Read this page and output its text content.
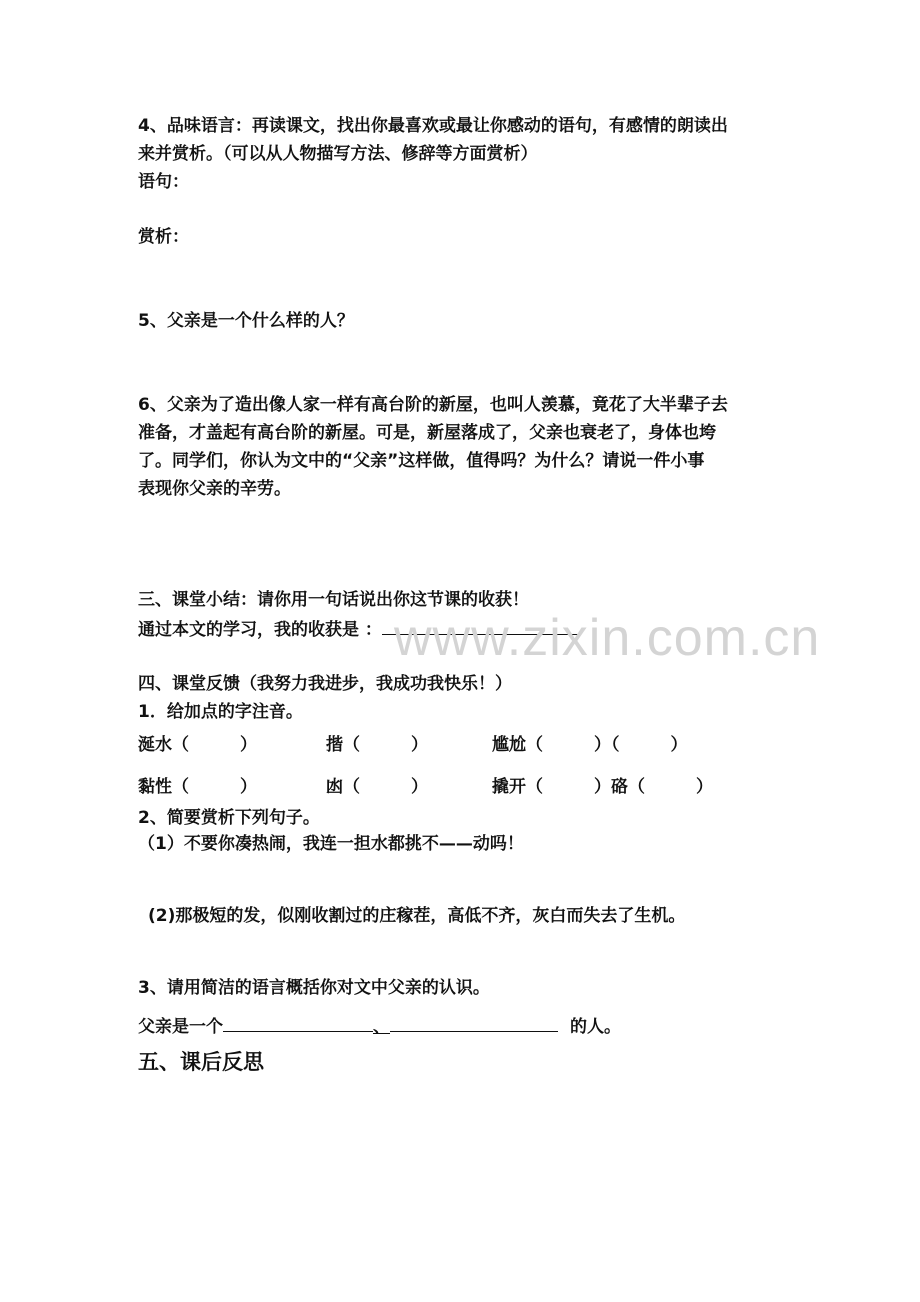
4、品味语言：再读课文，找出你最喜欢或最让你感动的语句，有感情的朗读出
来并赏析。（可以从人物描写方法、修辞等方面赏析）
语句：
赏析：
5、父亲是一个什么样的人？
6、父亲为了造出像人家一样有高台阶的新屋，也叫人羡慕，竟花了大半辈子去
准备，才盖起有高台阶的新屋。可是，新屋落成了，父亲也衰老了，身体也垮
了。同学们，你认为文中的“父亲”这样做，值得吗？为什么？请说一件小事
表现你父亲的辛劳。
三、课堂小结：请你用一句话说出你这节课的收获！
通过本文的学习，我的收获是 ： www.zixin.com.cn
四、课堂反馈（我努力我进步，我成功我快乐！）
1．给加点的字注音。
涎水（　　　）	揩（　　　）	尴尬（　　　）（　　　）
黏性（　　　）	凼（　　　）	撬开（　　　）硌（　　　）
2、简要赏析下列句子。
（1）不要你凑热闹，我连一担水都挑不——动吗！
(2)那极短的发，似刚收割过的庄稼茬，高低不齐，灰白而失去了生机。
3、请用简洁的语言概括你对文中父亲的认识。
父亲是一个	、	的人。
五、课后反思
